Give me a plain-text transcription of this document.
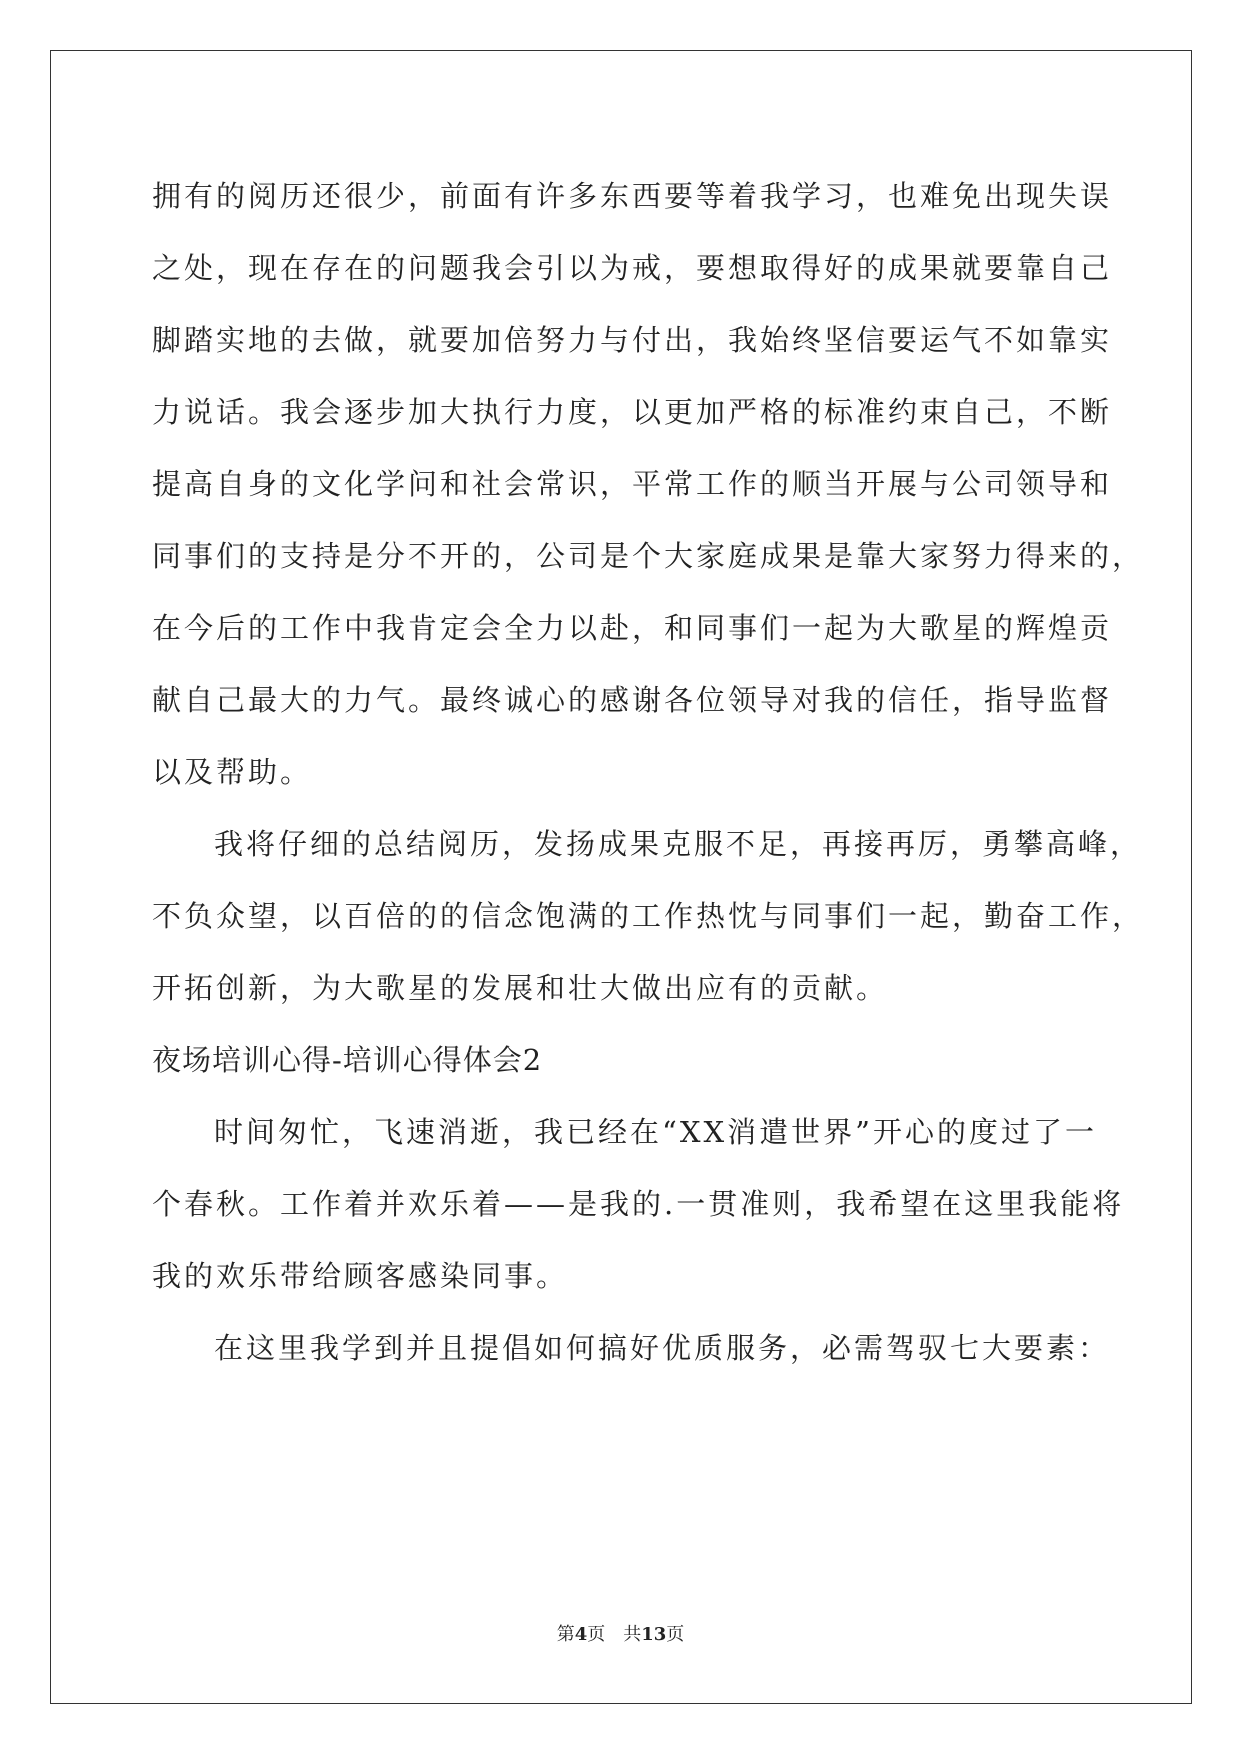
拥有的阅历还很少，前面有许多东西要等着我学习，也难免出现失误
之处，现在存在的问题我会引以为戒，要想取得好的成果就要靠自己
脚踏实地的去做，就要加倍努力与付出，我始终坚信要运气不如靠实
力说话。我会逐步加大执行力度，以更加严格的标准约束自己，不断
提高自身的文化学问和社会常识，平常工作的顺当开展与公司领导和
同事们的支持是分不开的，公司是个大家庭成果是靠大家努力得来的，
在今后的工作中我肯定会全力以赴，和同事们一起为大歌星的辉煌贡
献自己最大的力气。最终诚心的感谢各位领导对我的信任，指导监督
以及帮助。
我将仔细的总结阅历，发扬成果克服不足，再接再厉，勇攀高峰，
不负众望，以百倍的的信念饱满的工作热忱与同事们一起，勤奋工作，
开拓创新，为大歌星的发展和壮大做出应有的贡献。
夜场培训心得-培训心得体会2
时间匆忙，飞速消逝，我已经在“XX消遣世界”开心的度过了一
个春秋。工作着并欢乐着——是我的.一贯准则，我希望在这里我能将
我的欢乐带给顾客感染同事。
在这里我学到并且提倡如何搞好优质服务，必需驾驭七大要素：
第4页 共13页
